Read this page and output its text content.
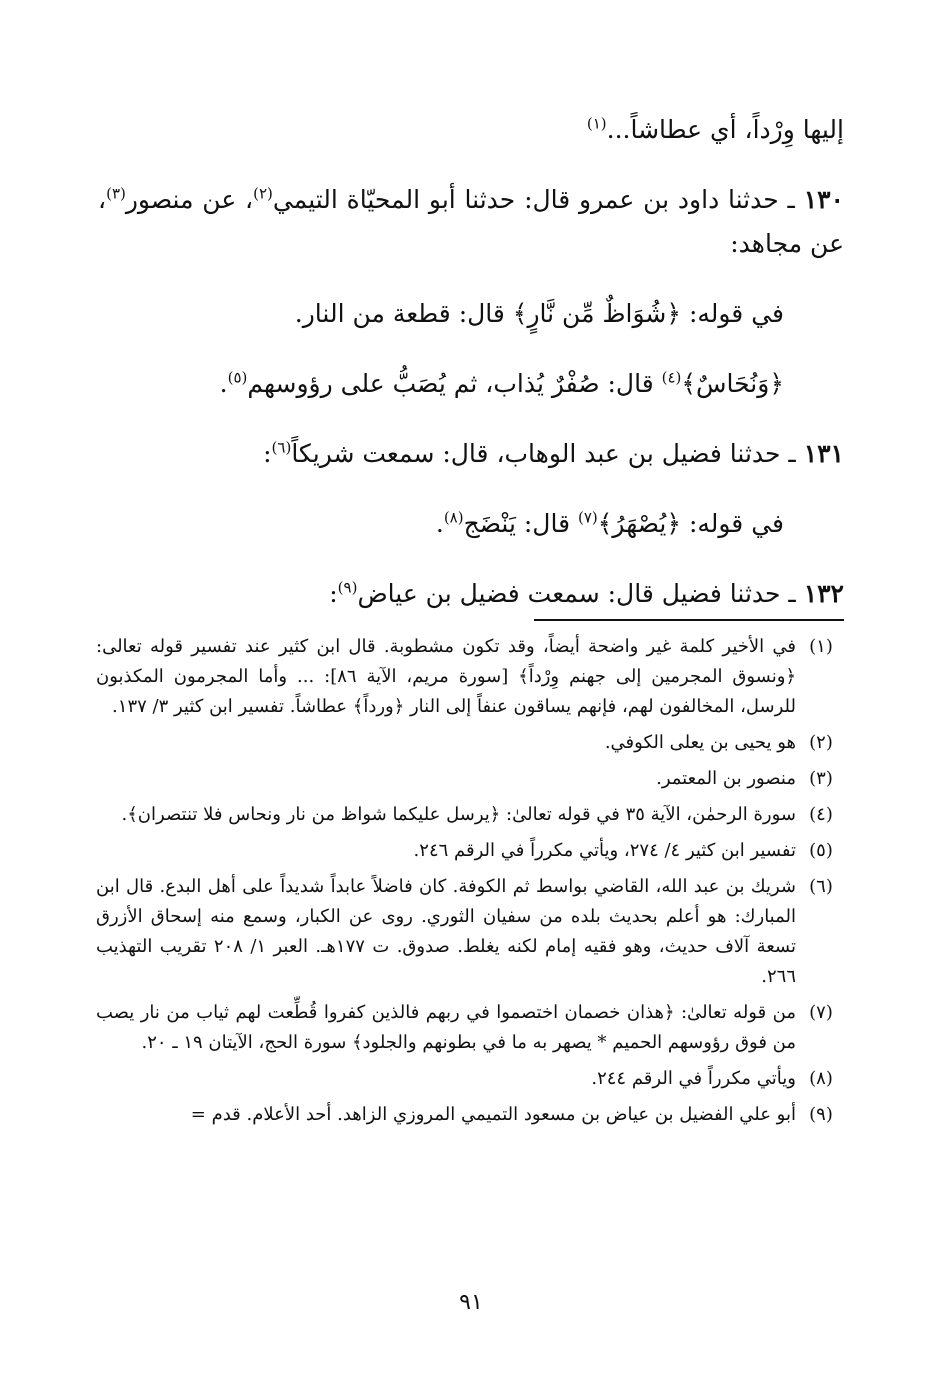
إليها وِرْداً، أي عطاشاً...$^{(١)}$

١٣٠ ـ حدثنا داود بن عمرو قال: حدثنا أبو المحيّاة التيمي$^{(٢)}$، عن منصور$^{(٣)}$، عن مجاهد:

في قوله: ﴿شُوَاظٌ مِّن نَّارٍ﴾ قال: قطعة من النار.

﴿وَنُحَاسٌ﴾$^{(٤)}$ قال: صُفْرٌ يُذاب، ثم يُصَبُّ على رؤوسهم$^{(٥)}$.

١٣١ ـ حدثنا فضيل بن عبد الوهاب، قال: سمعت شريكاً$^{(٦)}$:

في قوله: ﴿يُصْهَرُ﴾$^{(٧)}$ قال: يَنْضَج$^{(٨)}$.

١٣٢ ـ حدثنا فضيل قال: سمعت فضيل بن عياض$^{(٩)}$:

(١)
في الأخير كلمة غير واضحة أيضاً، وقد تكون مشطوبة. قال ابن كثير عند تفسير قوله تعالى: ﴿ونسوق المجرمين إلى جهنم وِرْداً﴾ [سورة مريم، الآية ٨٦]: ... وأما المجرمون المكذبون للرسل، المخالفون لهم، فإنهم يساقون عنفاً إلى النار ﴿ورداً﴾ عطاشاً. تفسير ابن كثير ٣/ ١٣٧.
(٢)
هو يحيى بن يعلى الكوفي.
(٣)
منصور بن المعتمر.
(٤)
سورة الرحمٰن، الآية ٣٥ في قوله تعالىٰ: ﴿يرسل عليكما شواظ من نار ونحاس فلا تنتصران﴾.
(٥)
تفسير ابن كثير ٤/ ٢٧٤، ويأتي مكرراً في الرقم ٢٤٦.
(٦)
شريك بن عبد الله، القاضي بواسط ثم الكوفة. كان فاضلاً عابداً شديداً على أهل البدع. قال ابن المبارك: هو أعلم بحديث بلده من سفيان الثوري. روى عن الكبار، وسمع منه إسحاق الأزرق تسعة آلاف حديث، وهو فقيه إمام لكنه يغلط. صدوق. ت ١٧٧هـ. العبر ١/ ٢٠٨ تقريب التهذيب ٢٦٦.
(٧)
من قوله تعالىٰ: ﴿هذان خصمان اختصموا في ربهم فالذين كفروا قُطِّعت لهم ثياب من نار يصب من فوق رؤوسهم الحميم * يصهر به ما في بطونهم والجلود﴾ سورة الحج، الآيتان ١٩ ـ ٢٠.
(٨)
ويأتي مكرراً في الرقم ٢٤٤.
(٩)
أبو علي الفضيل بن عياض بن مسعود التميمي المروزي الزاهد. أحد الأعلام. قدم =
٩١
